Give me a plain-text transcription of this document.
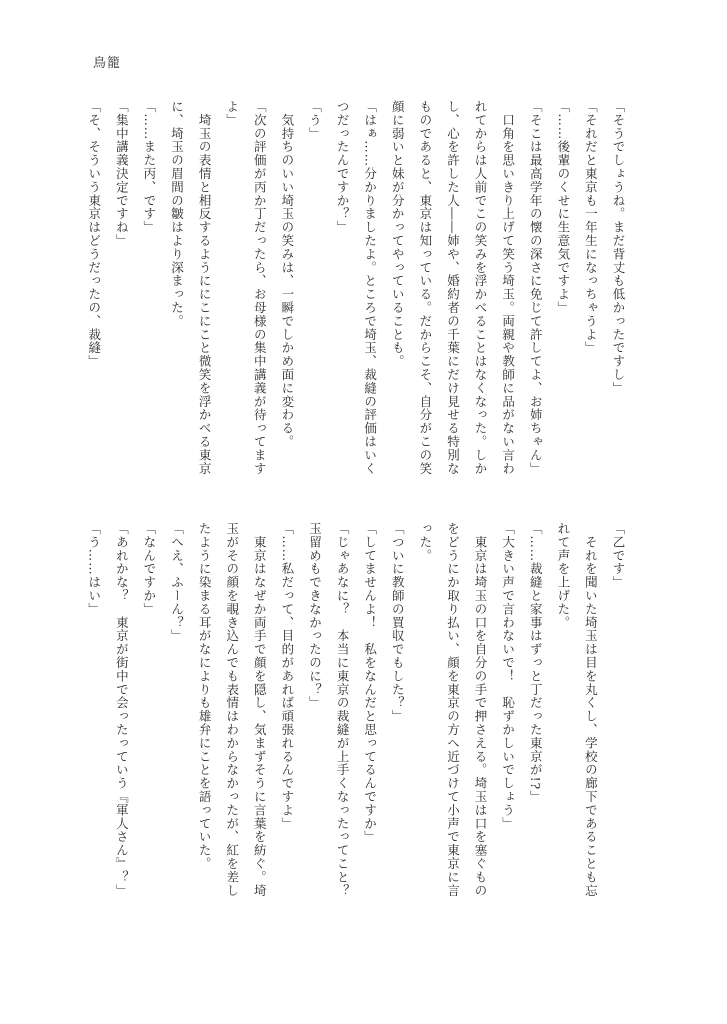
鳥籠

「そうでしょうね。まだ背丈も低かったですし」

「それだと東京も一年生になっちゃうよ」

「……後輩のくせに生意気ですよ」

「そこは最高学年の懐の深さに免じて許してよ、お姉ちゃん」

　口角を思いきり上げて笑う埼玉。両親や教師に品がない言わ

れてからは人前でこの笑みを浮かべることはなくなった。しか

し、心を許した人――姉や、婚約者の千葉にだけ見せる特別な

ものであると、東京は知っている。だからこそ、自分がこの笑

顔に弱いと妹が分かってやっていることも。

「はぁ……分かりましたよ。ところで埼玉、裁縫の評価はいく

つだったんですか？」

「う」

　気持ちのいい埼玉の笑みは、一瞬でしかめ面に変わる。

「次の評価が丙か丁だったら、お母様の集中講義が待ってます

よ」

　埼玉の表情と相反するようににこにこと微笑を浮かべる東京

に、埼玉の眉間の皺はより深まった。

「……また丙、です」

「集中講義決定ですね」

「そ、そういう東京はどうだったの、裁縫」

「乙です」

　それを聞いた埼玉は目を丸くし、学校の廊下であることも忘

れて声を上げた。

「……裁縫と家事はずっと丁だった東京が!?」

「大きい声で言わないで！　恥ずかしいでしょう」

　東京は埼玉の口を自分の手で押さえる。埼玉は口を塞ぐもの

をどうにか取り払い、顔を東京の方へ近づけて小声で東京に言

った。

「ついに教師の買収でもした？」

「してませんよ！　私をなんだと思ってるんですか」

「じゃあなに？　本当に東京の裁縫が上手くなったってこと？

玉留めもできなかったのに？」

「……私だって、目的があれば頑張れるんですよ」

　東京はなぜか両手で顔を隠し、気まずそうに言葉を紡ぐ。埼

玉がその顔を覗き込んでも表情はわからなかったが、紅を差し

たように染まる耳がなによりも雄弁にことを語っていた。

「へえ、ふーん？」

「なんですか」

「あれかな？　東京が街中で会ったっていう『軍人さん』？」

「う……はい」
